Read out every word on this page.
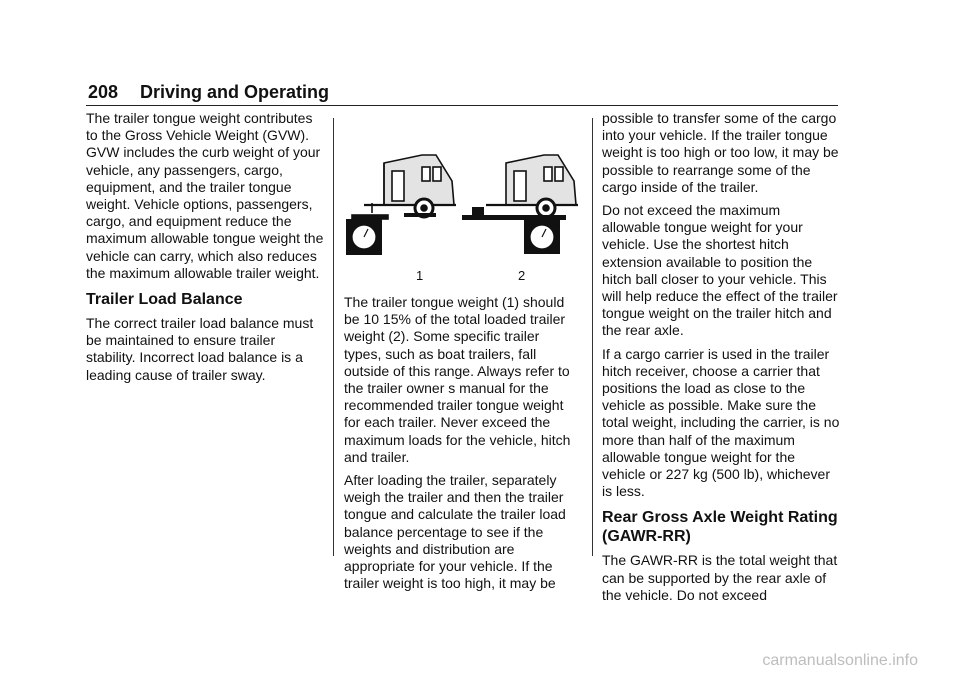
208 Driving and Operating

The trailer tongue weight contributes to the Gross Vehicle Weight (GVW). GVW includes the curb weight of your vehicle, any passengers, cargo, equipment, and the trailer tongue weight. Vehicle options, passengers, cargo, and equipment reduce the maximum allowable tongue weight the vehicle can carry, which also reduces the maximum allowable trailer weight.

Trailer Load Balance

The correct trailer load balance must be maintained to ensure trailer stability. Incorrect load balance is a leading cause of trailer sway.

1	2

The trailer tongue weight (1) should be 10 15% of the total loaded trailer weight (2). Some specific trailer types, such as boat trailers, fall outside of this range. Always refer to the trailer owner s manual for the recommended trailer tongue weight for each trailer. Never exceed the maximum loads for the vehicle, hitch and trailer.

After loading the trailer, separately weigh the trailer and then the trailer tongue and calculate the trailer load balance percentage to see if the weights and distribution are appropriate for your vehicle. If the trailer weight is too high, it may be

possible to transfer some of the cargo into your vehicle. If the trailer tongue weight is too high or too low, it may be possible to rearrange some of the cargo inside of the trailer.

Do not exceed the maximum allowable tongue weight for your vehicle. Use the shortest hitch extension available to position the hitch ball closer to your vehicle. This will help reduce the effect of the trailer tongue weight on the trailer hitch and the rear axle.

If a cargo carrier is used in the trailer hitch receiver, choose a carrier that positions the load as close to the vehicle as possible. Make sure the total weight, including the carrier, is no more than half of the maximum allowable tongue weight for the vehicle or 227 kg (500 lb), whichever is less.

Rear Gross Axle Weight Rating (GAWR-RR)

The GAWR-RR is the total weight that can be supported by the rear axle of the vehicle. Do not exceed

carmanualsonline.info
